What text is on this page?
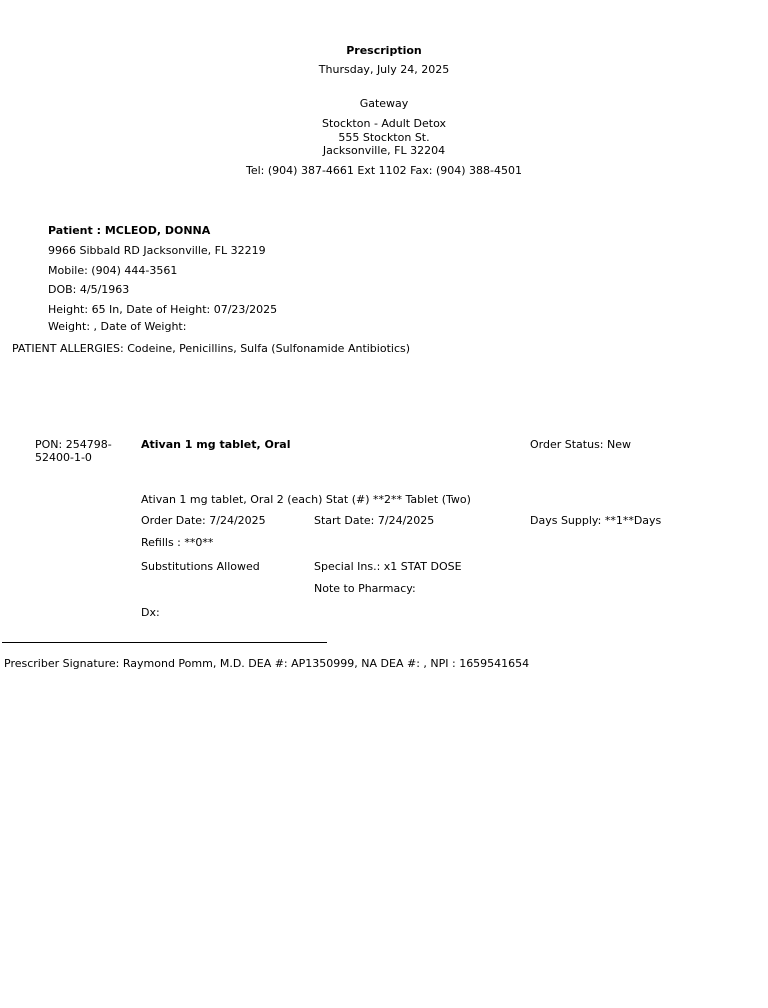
Prescription
Thursday, July 24, 2025
Gateway
Stockton - Adult Detox
555 Stockton St.
Jacksonville, FL 32204
Tel: (904) 387-4661 Ext 1102 Fax: (904) 388-4501
Patient : MCLEOD, DONNA
9966 Sibbald RD Jacksonville, FL 32219
Mobile: (904) 444-3561
DOB: 4/5/1963
Height: 65 In, Date of Height: 07/23/2025
Weight: , Date of Weight:
PATIENT ALLERGIES: Codeine, Penicillins, Sulfa (Sulfonamide Antibiotics)
PON: 254798-
52400-1-0
Ativan 1 mg tablet, Oral	Order Status: New
Ativan 1 mg tablet, Oral 2 (each) Stat (#) **2** Tablet (Two)
Order Date: 7/24/2025	Start Date: 7/24/2025	Days Supply: **1**Days
Refills : **0**
Substitutions Allowed	Special Ins.: x1 STAT DOSE
Note to Pharmacy:
Dx:
Prescriber Signature: Raymond Pomm, M.D. DEA #: AP1350999, NA DEA #: , NPI : 1659541654
